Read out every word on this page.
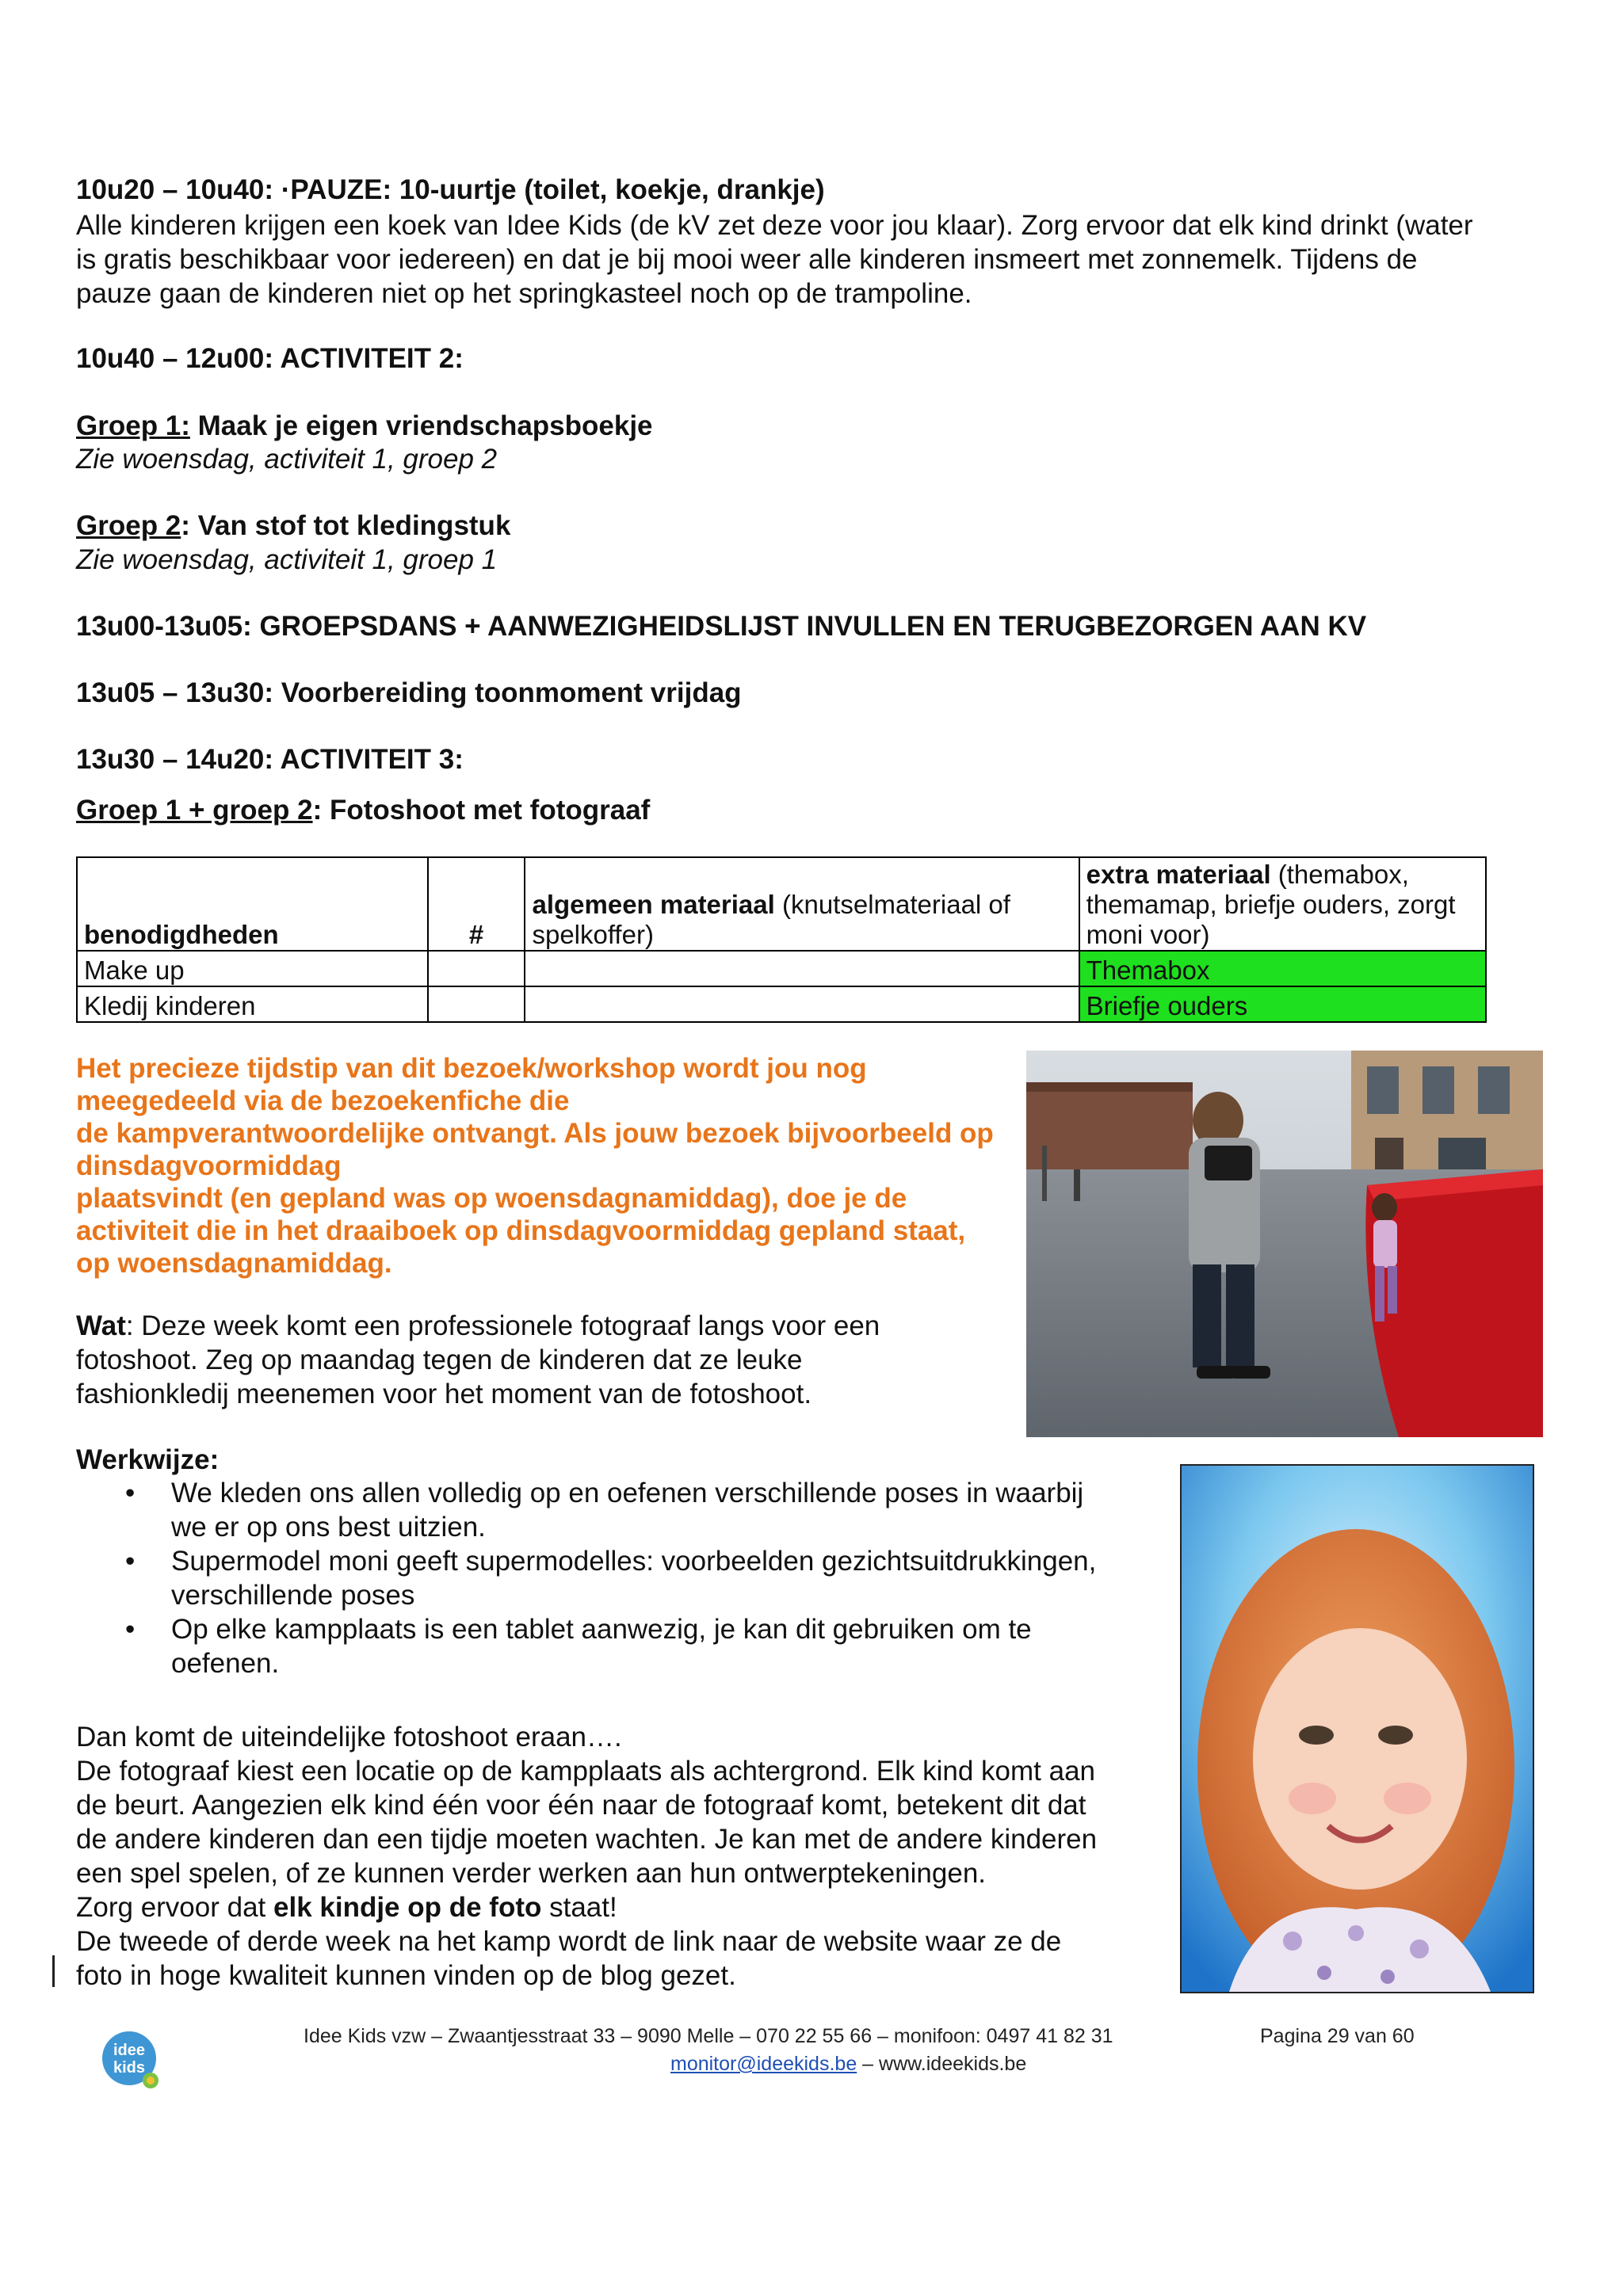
10u20 – 10u40: ·PAUZE: 10-uurtje (toilet, koekje, drankje)
Alle kinderen krijgen een koek van Idee Kids (de kV zet deze voor jou klaar). Zorg ervoor dat elk kind drinkt (water
is gratis beschikbaar voor iedereen) en dat je bij mooi weer alle kinderen insmeert met zonnemelk. Tijdens de
pauze gaan de kinderen niet op het springkasteel noch op de trampoline.
10u40 – 12u00: ACTIVITEIT 2:
Groep 1: Maak je eigen vriendschapsboekje
Zie woensdag, activiteit 1, groep 2
Groep 2: Van stof tot kledingstuk
Zie woensdag, activiteit 1, groep 1
13u00-13u05: GROEPSDANS + AANWEZIGHEIDSLIJST INVULLEN EN TERUGBEZORGEN AAN KV
13u05 – 13u30: Voorbereiding toonmoment vrijdag
13u30 – 14u20: ACTIVITEIT 3:
Groep 1 + groep 2: Fotoshoot met fotograaf
benodigdheden	#	algemeen materiaal (knutselmateriaal of spelkoffer)	extra materiaal (themabox, themamap, briefje ouders, zorgt moni voor)
Make up			Themabox
Kledij kinderen			Briefje ouders
Het precieze tijdstip van dit bezoek/workshop wordt jou nog
meegedeeld via de bezoekenfiche die
de kampverantwoordelijke ontvangt. Als jouw bezoek bijvoorbeeld op
dinsdagvoormiddag
plaatsvindt (en gepland was op woensdagnamiddag), doe je de
activiteit die in het draaiboek op dinsdagvoormiddag gepland staat,
op woensdagnamiddag.
Wat: Deze week komt een professionele fotograaf langs voor een
fotoshoot. Zeg op maandag tegen de kinderen dat ze leuke
fashionkledij meenemen voor het moment van de fotoshoot.
Werkwijze:
• We kleden ons allen volledig op en oefenen verschillende poses in waarbij
we er op ons best uitzien.
• Supermodel moni geeft supermodelles: voorbeelden gezichtsuitdrukkingen,
verschillende poses
• Op elke kampplaats is een tablet aanwezig, je kan dit gebruiken om te
oefenen.
Dan komt de uiteindelijke fotoshoot eraan….
De fotograaf kiest een locatie op de kampplaats als achtergrond. Elk kind komt aan
de beurt. Aangezien elk kind één voor één naar de fotograaf komt, betekent dit dat
de andere kinderen dan een tijdje moeten wachten. Je kan met de andere kinderen
een spel spelen, of ze kunnen verder werken aan hun ontwerptekeningen.
Zorg ervoor dat elk kindje op de foto staat!
De tweede of derde week na het kamp wordt de link naar de website waar ze de
foto in hoge kwaliteit kunnen vinden op de blog gezet.
idee
kids
Idee Kids vzw – Zwaantjesstraat 33 – 9090 Melle – 070 22 55 66 – monifoon: 0497 41 82 31	Pagina 29 van 60
monitor@ideekids.be – www.ideekids.be
